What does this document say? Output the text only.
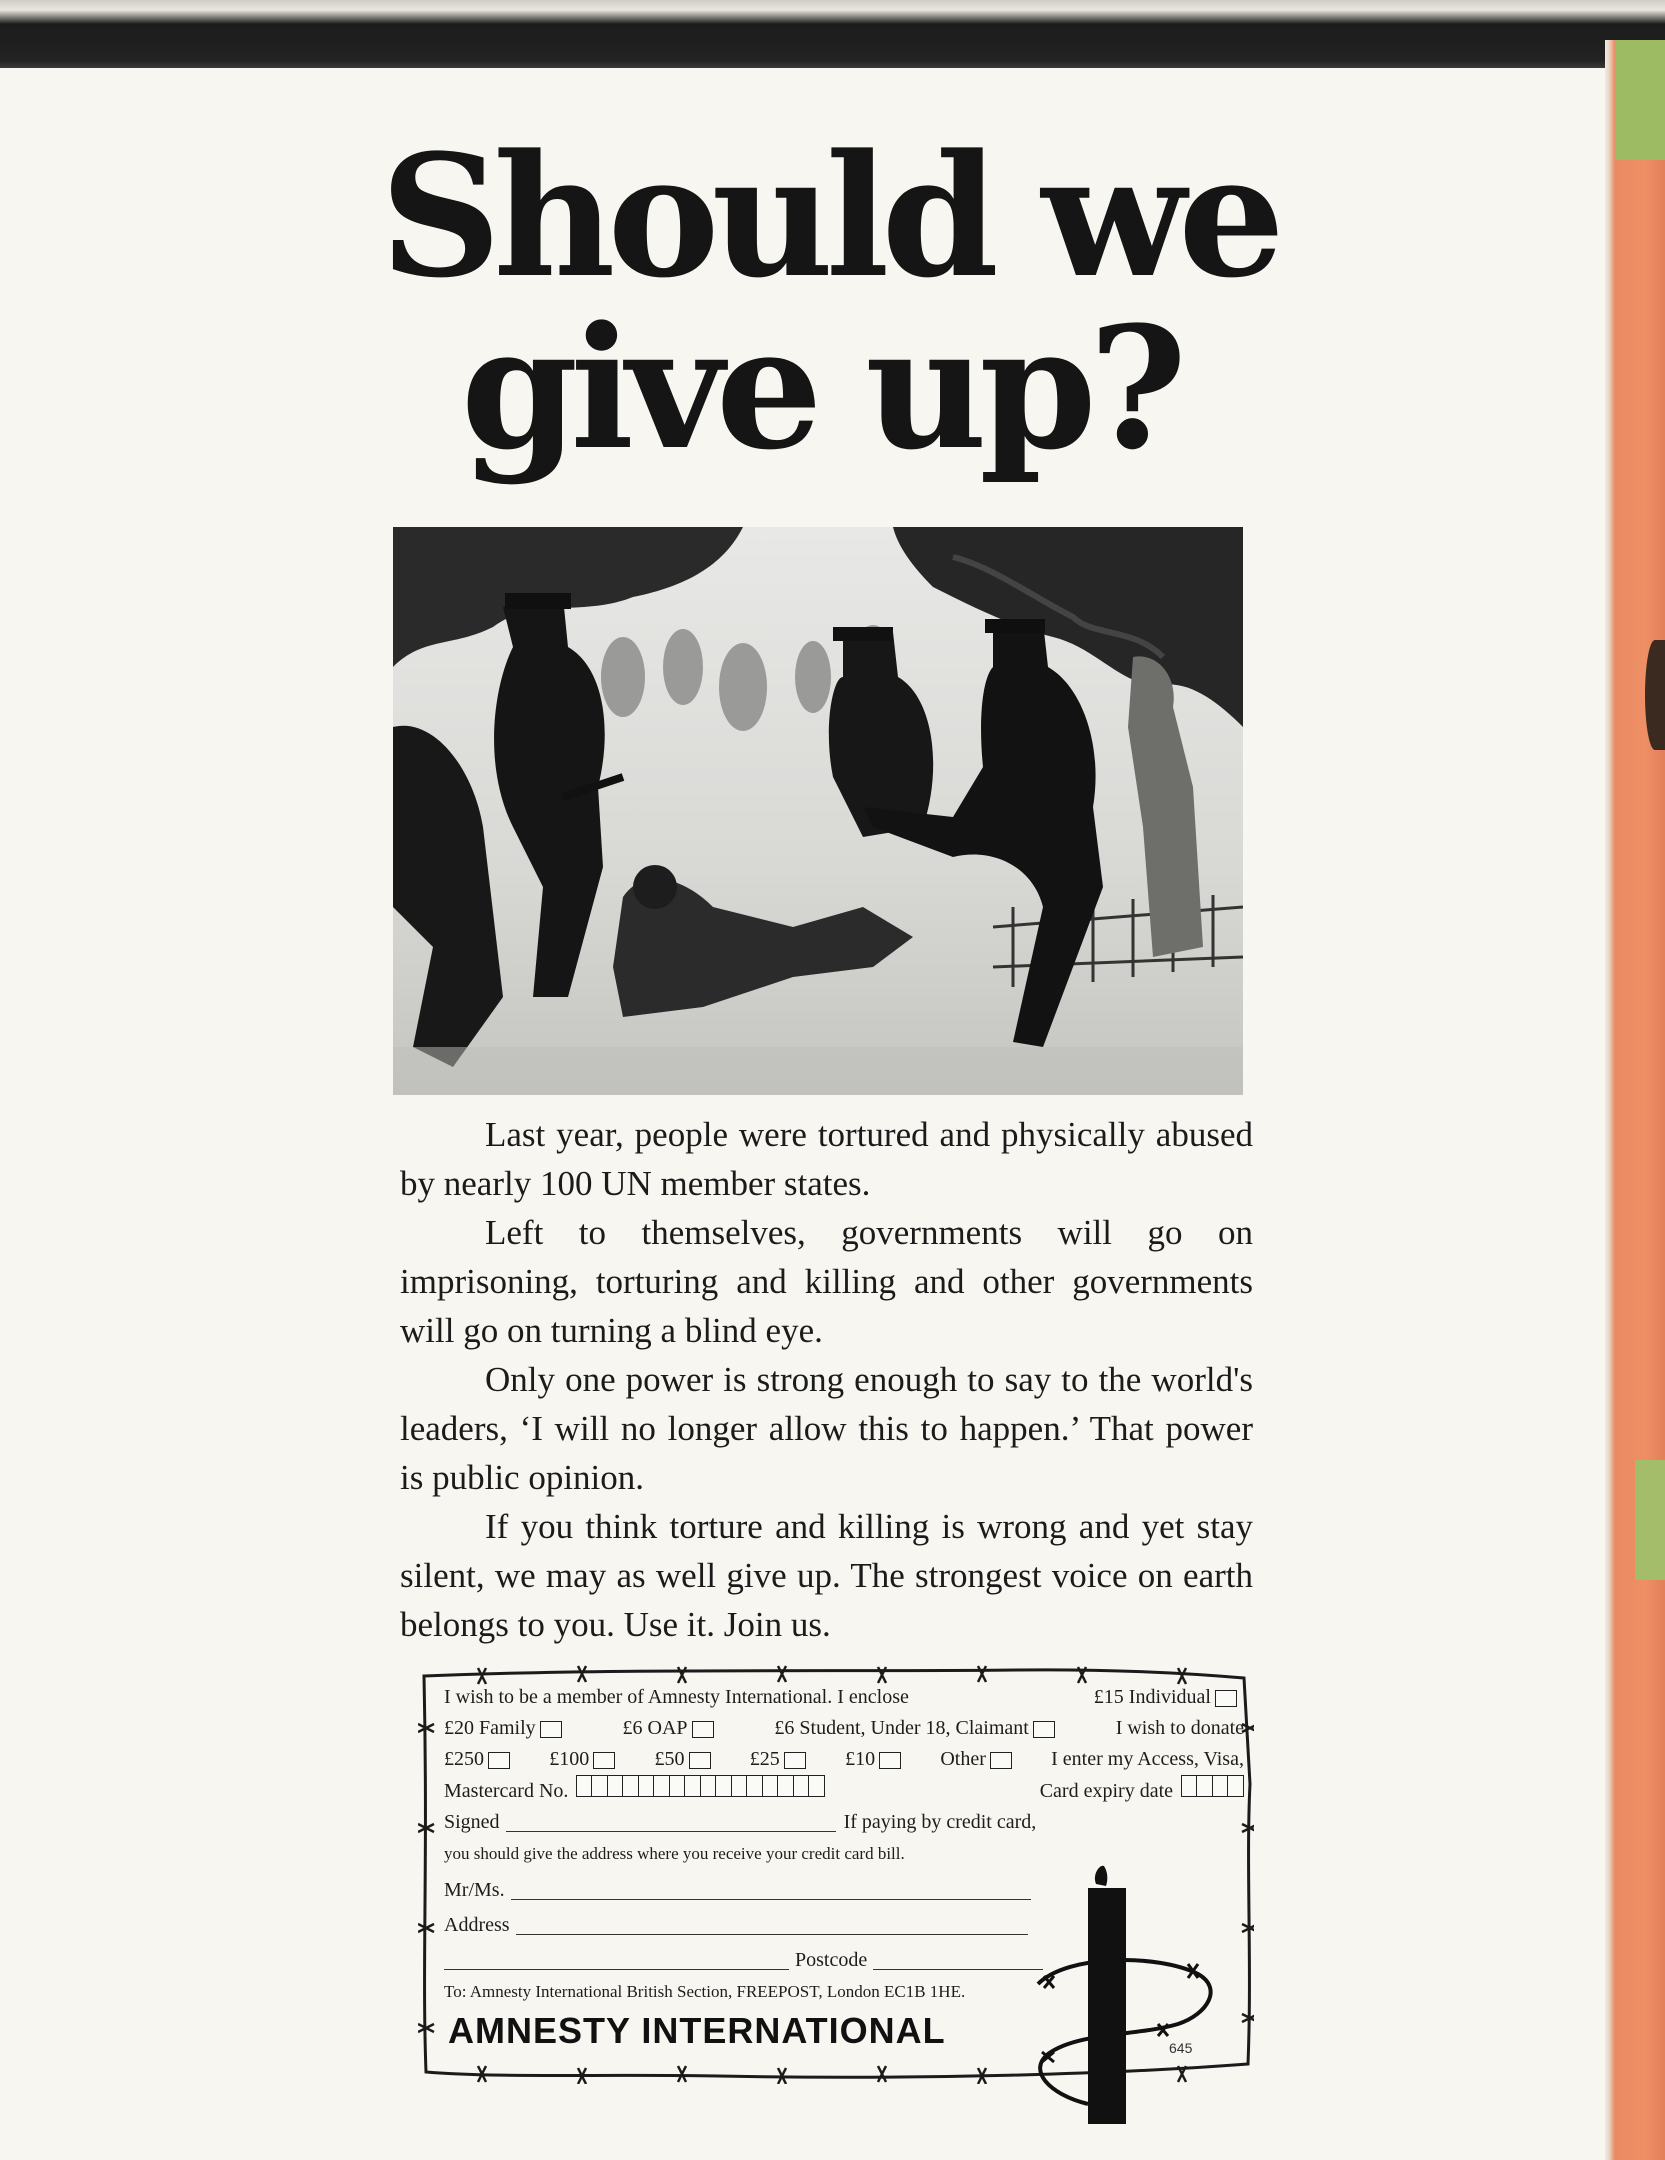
Should we
give up?

Last year, people were tortured and physically abused by nearly 100 UN member states.

Left to themselves, governments will go on imprisoning, torturing and killing and other governments will go on turning a blind eye.

Only one power is strong enough to say to the world's leaders, ‘I will no longer allow this to happen.’ That power is public opinion.

If you think torture and killing is wrong and yet stay silent, we may as well give up. The strongest voice on earth belongs to you. Use it. Join us.

I wish to be a member of Amnesty International. I enclose	£15 Individual
£20 Family	£6 OAP	£6 Student, Under 18, Claimant	I wish to donate
£250	£100	£50	£25	£10	Other	I enter my Access, Visa,
Mastercard No.	Card expiry date
Signed	If paying by credit card,
you should give the address where you receive your credit card bill.
Mr/Ms.
Address
Postcode
To: Amnesty International British Section, FREEPOST, London EC1B 1HE.
AMNESTY INTERNATIONAL	645
